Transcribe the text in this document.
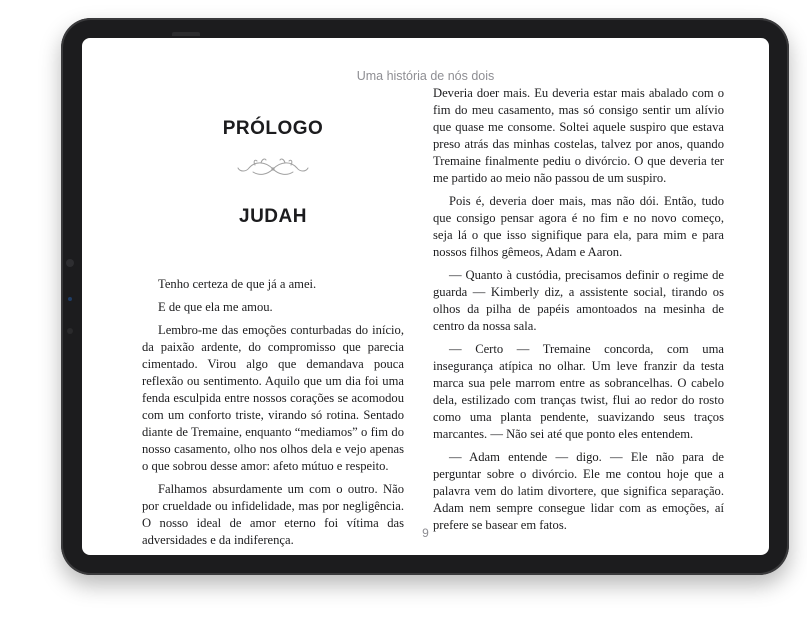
Uma história de nós dois
PRÓLOGO
JUDAH

Tenho certeza de que já a amei.

E de que ela me amou.

Lembro-me das emoções conturbadas do início, da paixão ardente, do compromisso que parecia cimentado. Virou algo que demandava pouca reflexão ou sentimento. Aquilo que um dia foi uma fenda esculpida entre nossos corações se acomodou com um conforto triste, virando só rotina. Sentado diante de Tremaine, enquanto “mediamos” o fim do nosso casamento, olho nos olhos dela e vejo apenas o que sobrou desse amor: afeto mútuo e respeito.

Falhamos absurdamente um com o outro. Não por crueldade ou infidelidade, mas por negligência. O nosso ideal de amor eterno foi vítima das adversidades e da indiferença.

Deveria doer mais. Eu deveria estar mais abalado com o fim do meu casamento, mas só consigo sentir um alívio que quase me consome. Soltei aquele suspiro que estava preso atrás das minhas costelas, talvez por anos, quando Tremaine finalmente pediu o divórcio. O que deveria ter me partido ao meio não passou de um suspiro.

Pois é, deveria doer mais, mas não dói. Então, tudo que consigo pensar agora é no fim e no novo começo, seja lá o que isso signifique para ela, para mim e para nossos filhos gêmeos, Adam e Aaron.

— Quanto à custódia, precisamos definir o regime de guarda — Kimberly diz, a assistente social, tirando os olhos da pilha de papéis amontoados na mesinha de centro da nossa sala.

— Certo — Tremaine concorda, com uma insegurança atípica no olhar. Um leve franzir da testa marca sua pele marrom entre as sobrancelhas. O cabelo dela, estilizado com tranças twist, flui ao redor do rosto como uma planta pendente, suavizando seus traços marcantes. — Não sei até que ponto eles entendem.

— Adam entende — digo. — Ele não para de perguntar sobre o divórcio. Ele me contou hoje que a palavra vem do latim divortere, que significa separação. Adam nem sempre consegue lidar com as emoções, aí prefere se basear em fatos.

9
